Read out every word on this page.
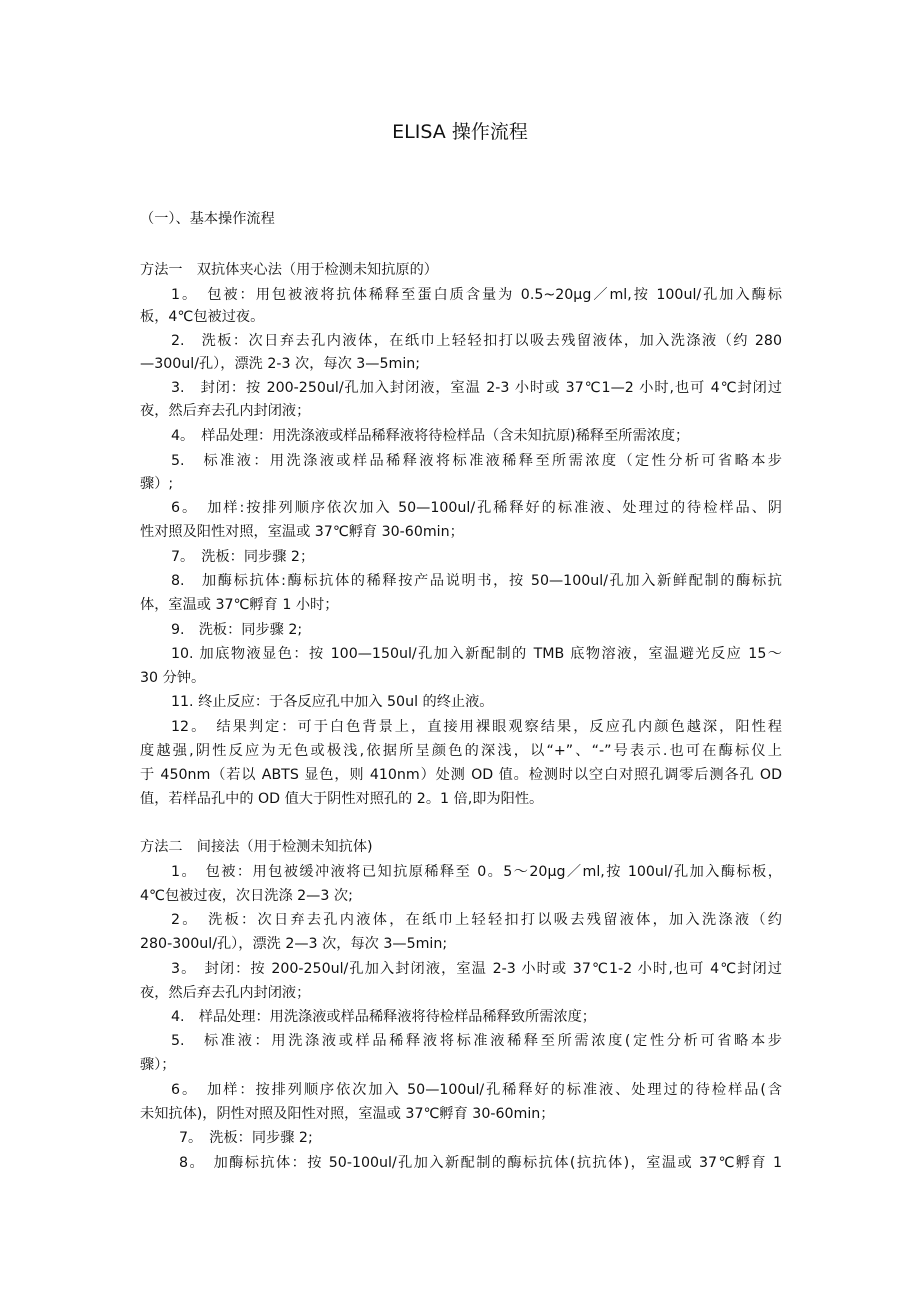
ELISA 操作流程
（一）、基本操作流程
方法一　双抗体夹心法（用于检测未知抗原的）
1。　包被：用包被液将抗体稀释至蛋白质含量为 0.5~20μg／ml,按 100ul/孔加入酶标
板，4℃包被过夜。
2.　洗板：次日弃去孔内液体，在纸巾上轻轻扣打以吸去残留液体，加入洗涤液（约 280
—300ul/孔），漂洗 2-3 次，每次 3—5min;
3.　封闭：按 200-250ul/孔加入封闭液，室温 2-3 小时或 37℃1—2 小时,也可 4℃封闭过
夜，然后弃去孔内封闭液；
4。　样品处理：用洗涤液或样品稀释液将待检样品（含未知抗原)稀释至所需浓度；
5.　标准液：用洗涤液或样品稀释液将标准液稀释至所需浓度（定性分析可省略本步
骤）;
6。　加样:按排列顺序依次加入 50—100ul/孔稀释好的标准液、处理过的待检样品、阴
性对照及阳性对照，室温或 37℃孵育 30-60min；
7。　洗板：同步骤 2；
8.　加酶标抗体:酶标抗体的稀释按产品说明书，按 50—100ul/孔加入新鲜配制的酶标抗
体，室温或 37℃孵育 1 小时；
9.　洗板：同步骤 2;
10. 加底物液显色：按 100—150ul/孔加入新配制的 TMB 底物溶液，室温避光反应 15～
30 分钟。
11. 终止反应：于各反应孔中加入 50ul 的终止液。
12。　结果判定：可于白色背景上，直接用裸眼观察结果，反应孔内颜色越深，阳性程
度越强,阴性反应为无色或极浅,依据所呈颜色的深浅，以“+”、“-”号表示.也可在酶标仪上
于 450nm（若以 ABTS 显色，则 410nm）处测 OD 值。检测时以空白对照孔调零后测各孔 OD
值，若样品孔中的 OD 值大于阴性对照孔的 2。1 倍,即为阳性。
方法二　间接法（用于检测未知抗体)
1。　包被：用包被缓冲液将已知抗原稀释至 0。5～20μg／ml,按 100ul/孔加入酶标板，
4℃包被过夜，次日洗涤 2—3 次;
2。　洗板：次日弃去孔内液体，在纸巾上轻轻扣打以吸去残留液体，加入洗涤液（约
280-300ul/孔），漂洗 2—3 次，每次 3—5min;
3。　封闭：按 200-250ul/孔加入封闭液，室温 2-3 小时或 37℃1-2 小时,也可 4℃封闭过
夜，然后弃去孔内封闭液；
4.　样品处理：用洗涤液或样品稀释液将待检样品稀释致所需浓度；
5.　标准液：用洗涤液或样品稀释液将标准液稀释至所需浓度(定性分析可省略本步
骤）；
6。　加样：按排列顺序依次加入 50—100ul/孔稀释好的标准液、处理过的待检样品(含
未知抗体)，阴性对照及阳性对照，室温或 37℃孵育 30-60min；
7。　洗板：同步骤 2;
8。　加酶标抗体：按 50-100ul/孔加入新配制的酶标抗体(抗抗体)，室温或 37℃孵育 1
